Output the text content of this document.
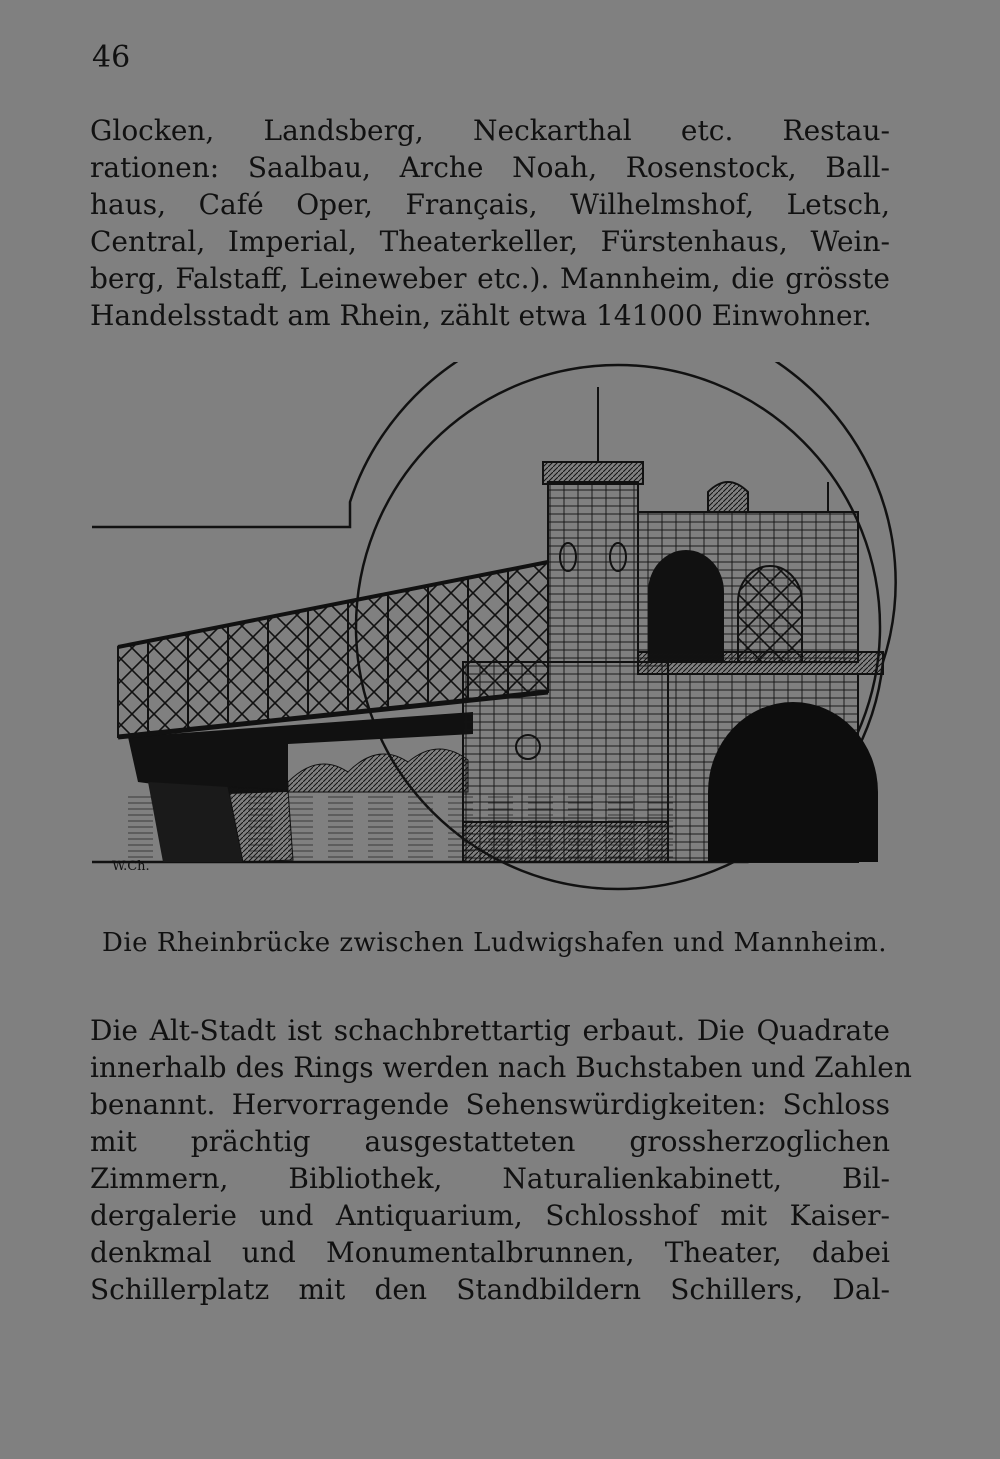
46
Glocken, Landsberg, Neckarthal etc. Restau-
rationen: Saalbau, Arche Noah, Rosenstock, Ball-
haus, Café Oper, Français, Wilhelmshof, Letsch,
Central, Imperial, Theaterkeller, Fürstenhaus, Wein-
berg, Falstaff, Leineweber etc.). Mannheim, die grösste
Handelsstadt am Rhein, zählt etwa 141000 Einwohner.
W.Ch.
Die Rheinbrücke zwischen Ludwigshafen und Mannheim.
Die Alt-Stadt ist schachbrettartig erbaut. Die Quadrate
innerhalb des Rings werden nach Buchstaben und Zahlen
benannt. Hervorragende Sehenswürdigkeiten: Schloss
mit prächtig ausgestatteten grossherzoglichen
Zimmern, Bibliothek, Naturalienkabinett, Bil-
dergalerie und Antiquarium, Schlosshof mit Kaiser-
denkmal und Monumentalbrunnen, Theater, dabei
Schillerplatz mit den Standbildern Schillers, Dal-
